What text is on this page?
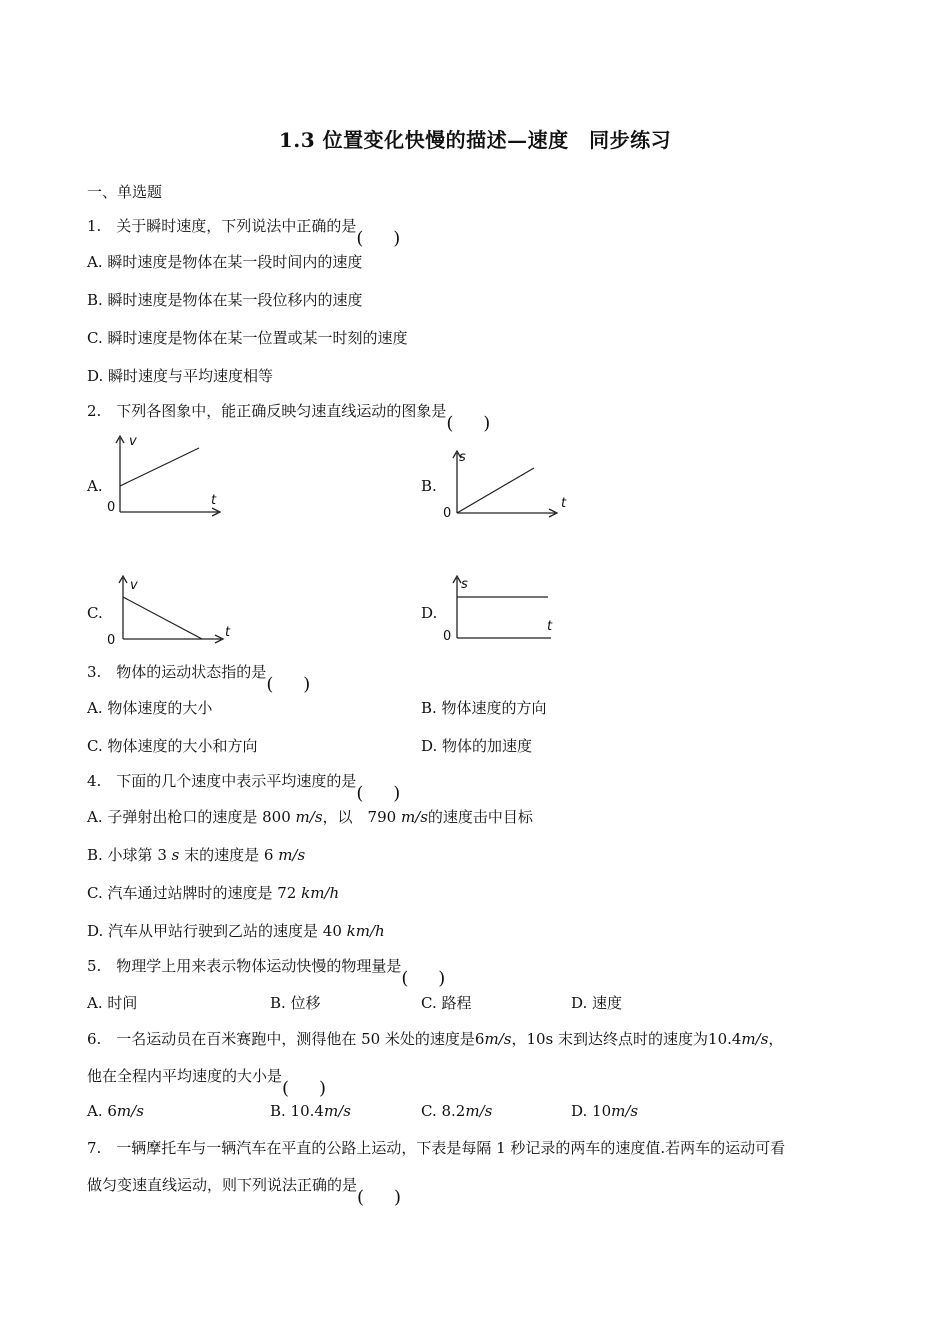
1.3 位置变化快慢的描述—速度　同步练习
一、单选题
1.　关于瞬时速度，下列说法中正确的是
A. 瞬时速度是物体在某一段时间内的速度
B. 瞬时速度是物体在某一段位移内的速度
C. 瞬时速度是物体在某一位置或某一时刻的速度
D. 瞬时速度与平均速度相等
2.　下列各图象中，能正确反映匀速直线运动的图象是
A.
v
t
0
B.
s
t
0
C.
v
t
0
D.
s
t
0
3.　物体的运动状态指的是
A. 物体速度的大小	B. 物体速度的方向
C. 物体速度的大小和方向	D. 物体的加速度
4.　下面的几个速度中表示平均速度的是
A. 子弹射出枪口的速度是 800 m/s，以　790 m/s的速度击中目标
B. 小球第 3 s 末的速度是 6 m/s
C. 汽车通过站牌时的速度是 72 km/h
D. 汽车从甲站行驶到乙站的速度是 40 km/h
5.　物理学上用来表示物体运动快慢的物理量是
A. 时间	B. 位移	C. 路程	D. 速度
6.　一名运动员在百米赛跑中，测得他在 50 米处的速度是6m/s，10s 末到达终点时的速度为10.4m/s，
他在全程内平均速度的大小是
A. 6m/s	B. 10.4m/s	C. 8.2m/s	D. 10m/s
7.　一辆摩托车与一辆汽车在平直的公路上运动，下表是每隔 1 秒记录的两车的速度值.若两车的运动可看
做匀变速直线运动，则下列说法正确的是
